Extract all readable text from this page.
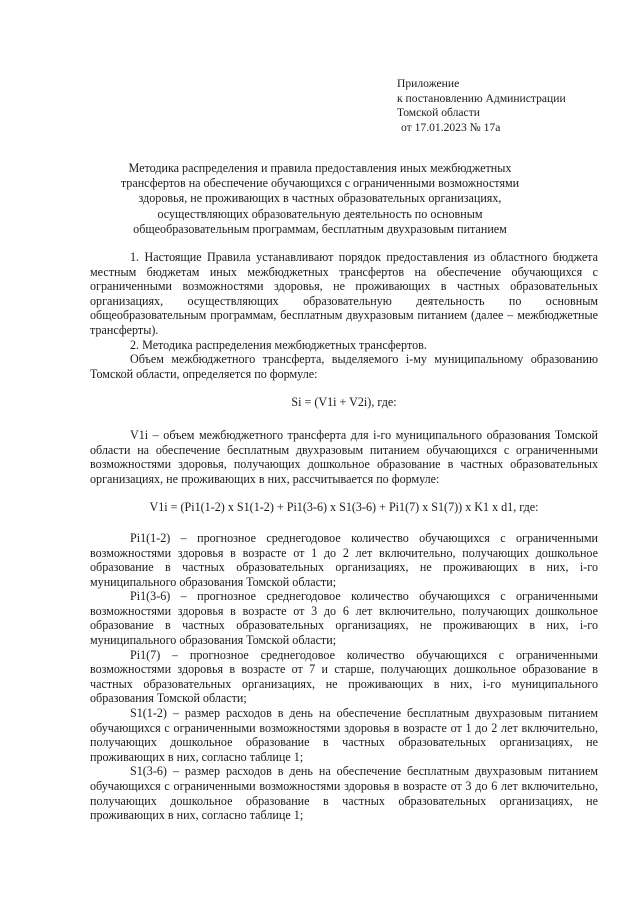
Приложение
к постановлению Администрации
Томской области
от 17.01.2023 № 17а
Методика распределения и правила предоставления иных межбюджетных
трансфертов на обеспечение обучающихся с ограниченными возможностями
здоровья, не проживающих в частных образовательных организациях,
осуществляющих образовательную деятельность по основным
общеобразовательным программам, бесплатным двухразовым питанием

1. Настоящие Правила устанавливают порядок предоставления из областного бюджета местным бюджетам иных межбюджетных трансфертов на обеспечение обучающихся с ограниченными возможностями здоровья, не проживающих в частных образовательных организациях, осуществляющих образовательную деятельность по основным общеобразовательным программам, бесплатным двухразовым питанием (далее – межбюджетные трансферты).

2. Методика распределения межбюджетных трансфертов.

Объем межбюджетного трансферта, выделяемого i-му муниципальному образованию Томской области, определяется по формуле:

Si = (V1i + V2i), где:

V1i – объем межбюджетного трансферта для i-го муниципального образования Томской области на обеспечение бесплатным двухразовым питанием обучающихся с ограниченными возможностями здоровья, получающих дошкольное образование в частных образовательных организациях, не проживающих в них, рассчитывается по формуле:

V1i = (Pi1(1-2) x S1(1-2) + Pi1(3-6) x S1(3-6) + Pi1(7) x S1(7)) x K1 x d1, где:

Pi1(1-2) – прогнозное среднегодовое количество обучающихся с ограниченными возможностями здоровья в возрасте от 1 до 2 лет включительно, получающих дошкольное образование в частных образовательных организациях, не проживающих в них, i-го муниципального образования Томской области;

Pi1(3-6) – прогнозное среднегодовое количество обучающихся с ограниченными возможностями здоровья в возрасте от 3 до 6 лет включительно, получающих дошкольное образование в частных образовательных организациях, не проживающих в них, i-го муниципального образования Томской области;

Pi1(7) – прогнозное среднегодовое количество обучающихся с ограниченными возможностями здоровья в возрасте от 7 и старше, получающих дошкольное образование в частных образовательных организациях, не проживающих в них, i-го муниципального образования Томской области;

S1(1-2) – размер расходов в день на обеспечение бесплатным двухразовым питанием обучающихся с ограниченными возможностями здоровья в возрасте от 1 до 2 лет включительно, получающих дошкольное образование в частных образовательных организациях, не проживающих в них, согласно таблице 1;

S1(3-6) – размер расходов в день на обеспечение бесплатным двухразовым питанием обучающихся с ограниченными возможностями здоровья в возрасте от 3 до 6 лет включительно, получающих дошкольное образование в частных образовательных организациях, не проживающих в них, согласно таблице 1;
